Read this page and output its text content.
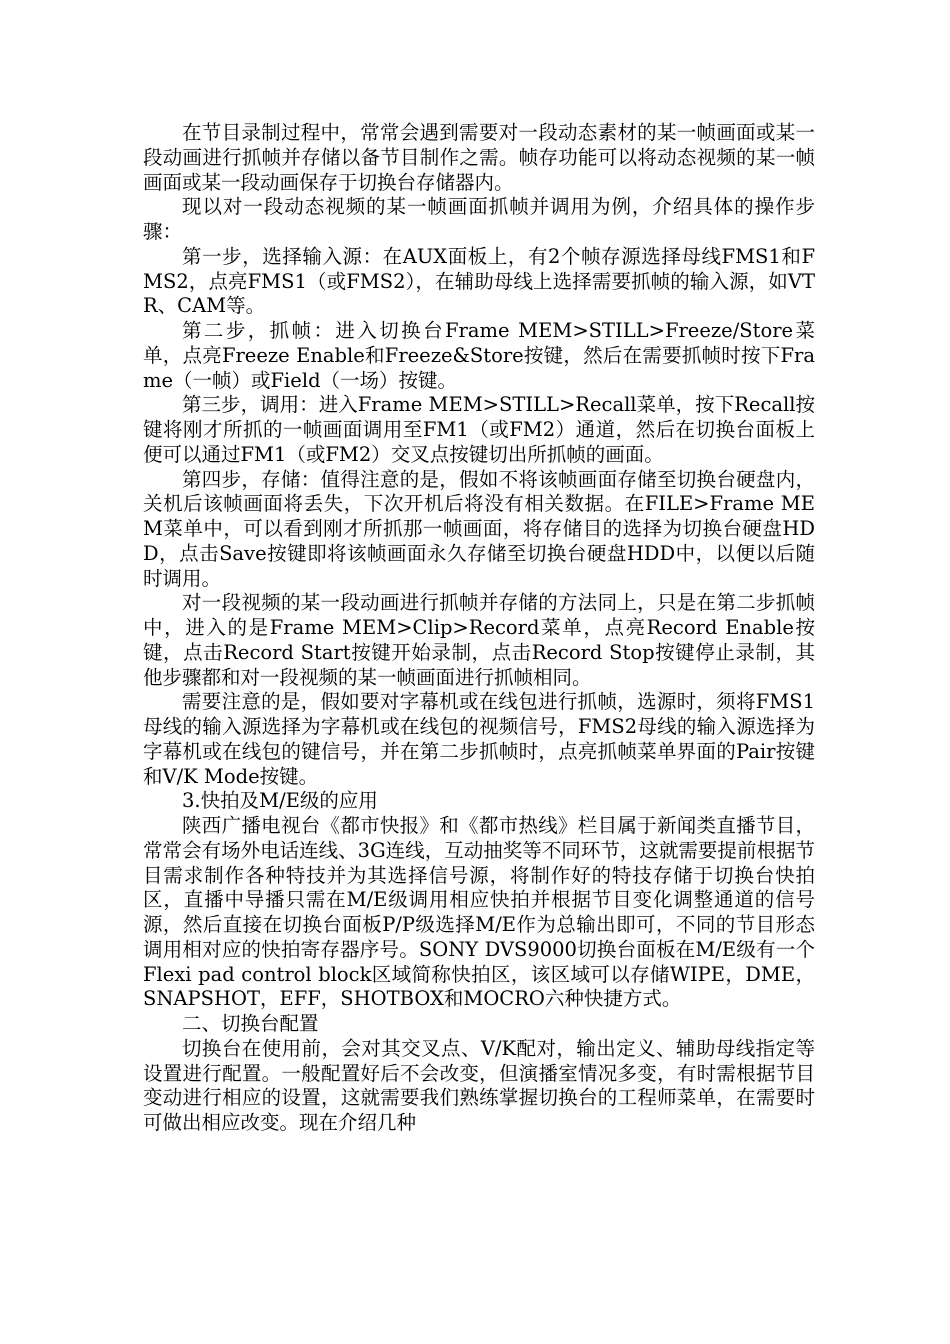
在节目录制过程中，常常会遇到需要对一段动态素材的某一帧画面或某一段动画进行抓帧并存储以备节目制作之需。帧存功能可以将动态视频的某一帧画面或某一段动画保存于切换台存储器内。

现以对一段动态视频的某一帧画面抓帧并调用为例，介绍具体的操作步骤：

第一步，选择输入源：在AUX面板上，有2个帧存源选择母线FMS1和FMS2，点亮FMS1（或FMS2），在辅助母线上选择需要抓帧的输入源，如VTR、CAM等。

第二步，抓帧：进入切换台Frame MEM>STILL>Freeze/Store菜单，点亮Freeze Enable和Freeze&Store按键，然后在需要抓帧时按下Frame（一帧）或Field（一场）按键。

第三步，调用：进入Frame MEM>STILL>Recall菜单，按下Recall按键将刚才所抓的一帧画面调用至FM1（或FM2）通道，然后在切换台面板上便可以通过FM1（或FM2）交叉点按键切出所抓帧的画面。

第四步，存储：值得注意的是，假如不将该帧画面存储至切换台硬盘内，关机后该帧画面将丢失，下次开机后将没有相关数据。在FILE>Frame MEM菜单中，可以看到刚才所抓那一帧画面，将存储目的选择为切换台硬盘HDD，点击Save按键即将该帧画面永久存储至切换台硬盘HDD中，以便以后随时调用。

对一段视频的某一段动画进行抓帧并存储的方法同上，只是在第二步抓帧中，进入的是Frame MEM>Clip>Record菜单，点亮Record Enable按键，点击Record Start按键开始录制，点击Record Stop按键停止录制，其他步骤都和对一段视频的某一帧画面进行抓帧相同。

需要注意的是，假如要对字幕机或在线包进行抓帧，选源时，须将FMS1母线的输入源选择为字幕机或在线包的视频信号，FMS2母线的输入源选择为字幕机或在线包的键信号，并在第二步抓帧时，点亮抓帧菜单界面的Pair按键和V/K Mode按键。

3.快拍及M/E级的应用

陕西广播电视台《都市快报》和《都市热线》栏目属于新闻类直播节目，常常会有场外电话连线、3G连线，互动抽奖等不同环节，这就需要提前根据节目需求制作各种特技并为其选择信号源，将制作好的特技存储于切换台快拍区，直播中导播只需在M/E级调用相应快拍并根据节目变化调整通道的信号源，然后直接在切换台面板P/P级选择M/E作为总输出即可，不同的节目形态调用相对应的快拍寄存器序号。SONY DVS9000切换台面板在M/E级有一个Flexi pad control block区域简称快拍区，该区域可以存储WIPE，DME，SNAPSHOT，EFF，SHOTBOX和MOCRO六种快捷方式。

二、切换台配置

切换台在使用前，会对其交叉点、V/K配对，输出定义、辅助母线指定等设置进行配置。一般配置好后不会改变，但演播室情况多变，有时需根据节目变动进行相应的设置，这就需要我们熟练掌握切换台的工程师菜单，在需要时可做出相应改变。现在介绍几种
